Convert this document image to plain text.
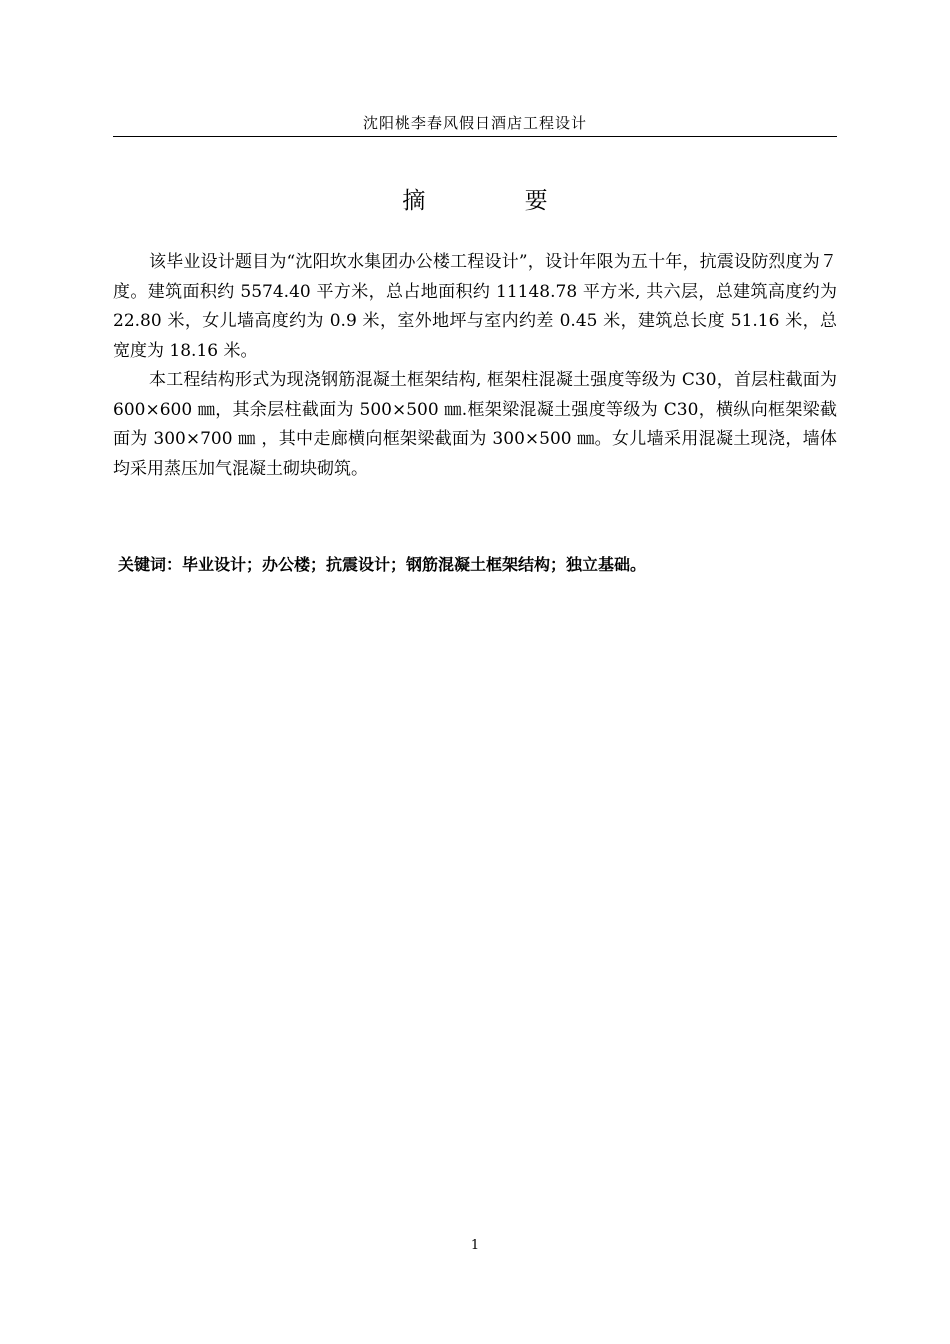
沈阳桃李春风假日酒店工程设计
摘 要

该毕业设计题目为“沈阳坎水集团办公楼工程设计”，设计年限为五十年，抗震设防烈度为７度。建筑面积约 5574.40 平方米，总占地面积约 11148.78 平方米, 共六层，总建筑高度约为 22.80 米，女儿墙高度约为 0.9 米，室外地坪与室内约差 0.45 米，建筑总长度 51.16 米，总宽度为 18.16 米。

本工程结构形式为现浇钢筋混凝土框架结构, 框架柱混凝土强度等级为 C30，首层柱截面为 600×600 ㎜，其余层柱截面为 500×500 ㎜.框架梁混凝土强度等级为 C30，横纵向框架梁截面为 300×700 ㎜ ，其中走廊横向框架梁截面为 300×500 ㎜。女儿墙采用混凝土现浇，墙体均采用蒸压加气混凝土砌块砌筑。

关键词：毕业设计；办公楼；抗震设计；钢筋混凝土框架结构；独立基础。
1
